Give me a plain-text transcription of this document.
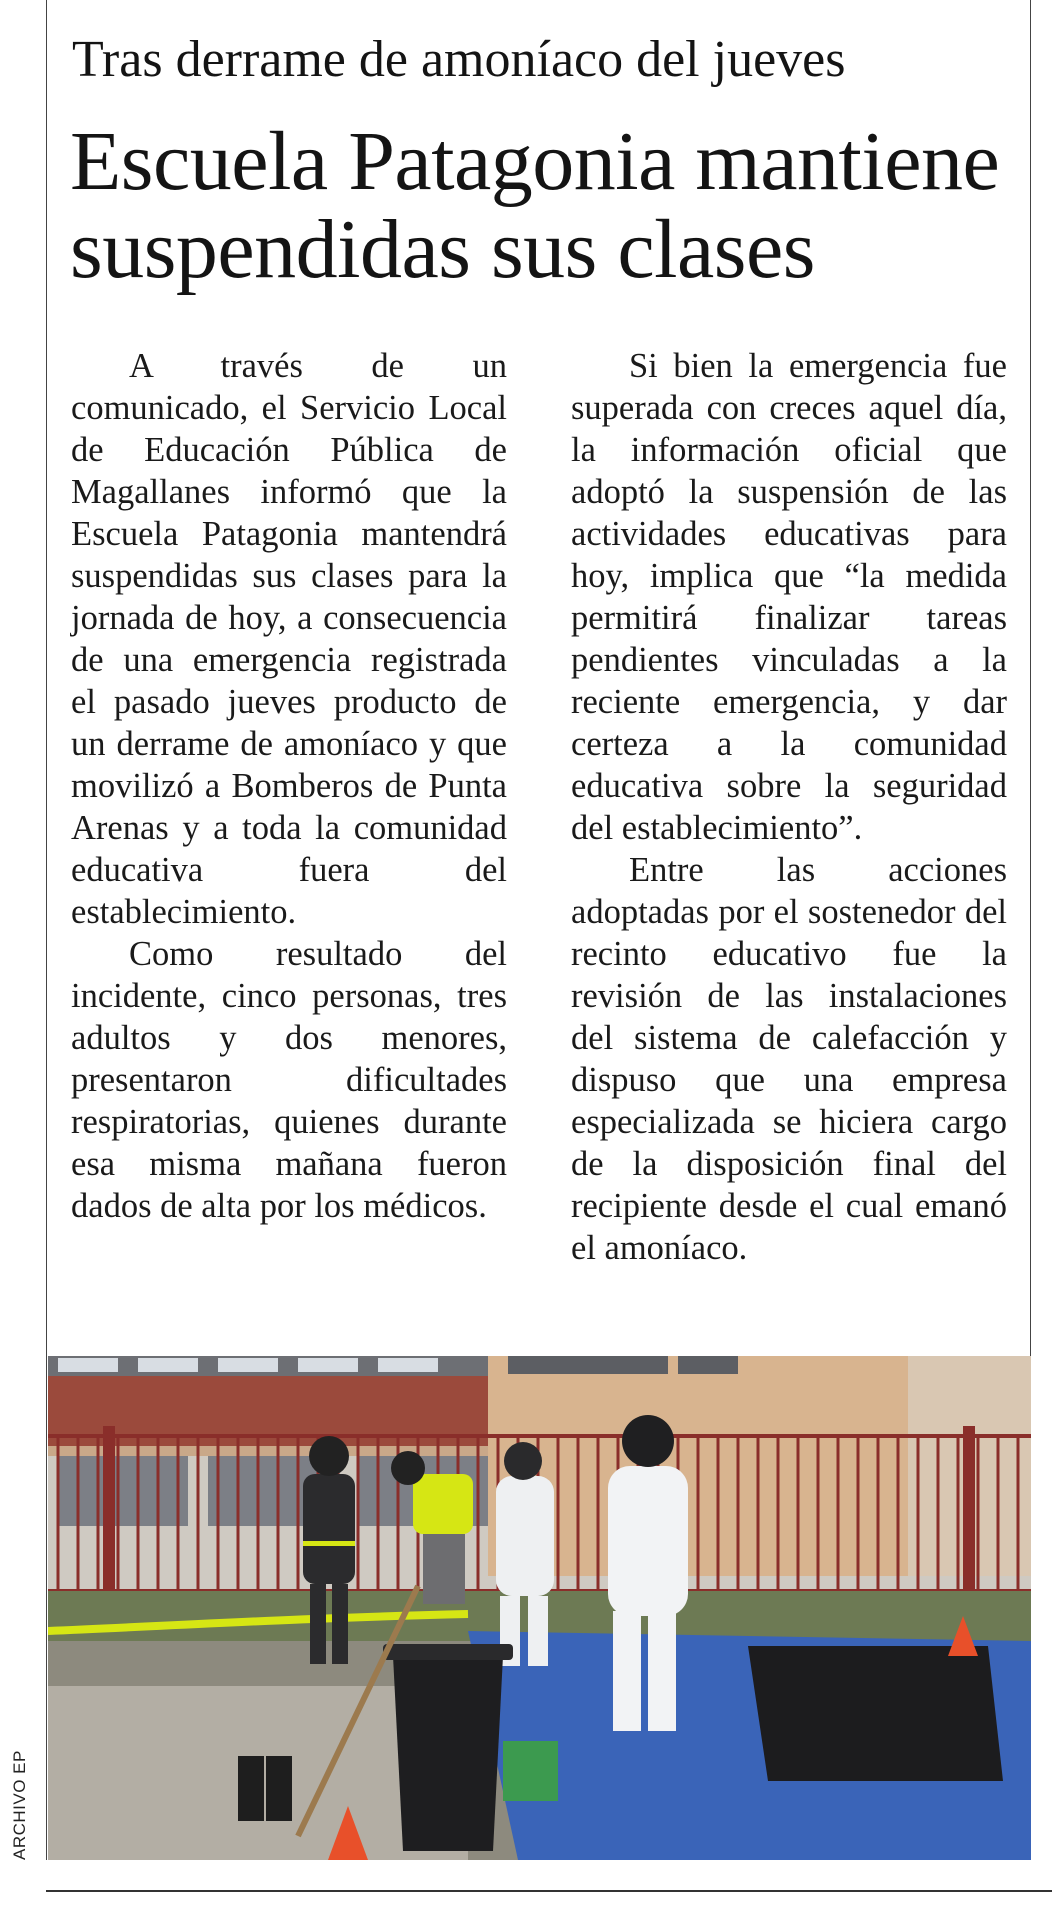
Tras derrame de amoníaco del jueves
Escuela Patagonia mantiene suspendidas sus clases

A través de un comunicado, el Servicio Local de Educación Pública de Magallanes informó que la Escuela Patagonia mantendrá suspendidas sus clases para la jornada de hoy, a consecuencia de una emergencia registrada el pasado jueves producto de un derrame de amoníaco y que movilizó a Bomberos de Punta Arenas y a toda la comunidad educativa fuera del establecimiento.

Como resultado del incidente, cinco personas, tres adultos y dos menores, presentaron dificultades respiratorias, quienes durante esa misma mañana fueron dados de alta por los médicos.

Si bien la emergencia fue superada con creces aquel día, la información oficial que adoptó la suspensión de las actividades educativas para hoy, implica que “la medida permitirá finalizar tareas pendientes vinculadas a la reciente emergencia, y dar certeza a la comunidad educativa sobre la seguridad del establecimiento”.

Entre las acciones adoptadas por el sostenedor del recinto educativo fue la revisión de las instalaciones del sistema de calefacción y dispuso que una empresa especializada se hiciera cargo de la disposición final del recipiente desde el cual emanó el amoníaco.

ARCHIVO EP
